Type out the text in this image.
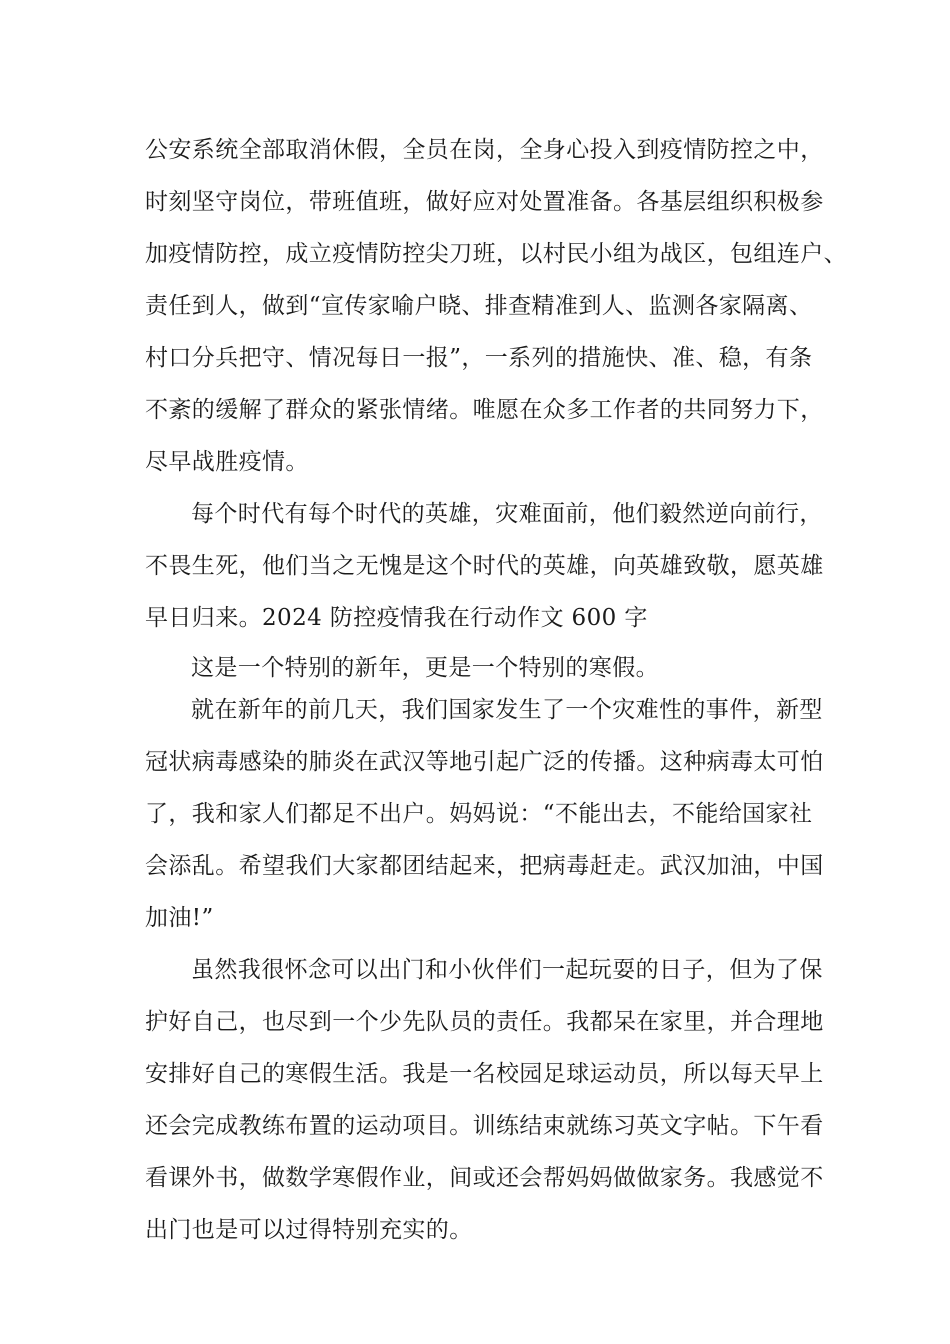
公安系统全部取消休假，全员在岗，全身心投入到疫情防控之中，
时刻坚守岗位，带班值班，做好应对处置准备。各基层组织积极参
加疫情防控，成立疫情防控尖刀班，以村民小组为战区，包组连户、
责任到人，做到“宣传家喻户晓、排查精准到人、监测各家隔离、
村口分兵把守、情况每日一报”，一系列的措施快、准、稳，有条
不紊的缓解了群众的紧张情绪。唯愿在众多工作者的共同努力下，
尽早战胜疫情。
每个时代有每个时代的英雄，灾难面前，他们毅然逆向前行，
不畏生死，他们当之无愧是这个时代的英雄，向英雄致敬，愿英雄
早日归来。2024 防控疫情我在行动作文 600 字
这是一个特别的新年，更是一个特别的寒假。
就在新年的前几天，我们国家发生了一个灾难性的事件，新型
冠状病毒感染的肺炎在武汉等地引起广泛的传播。这种病毒太可怕
了，我和家人们都足不出户。妈妈说：“不能出去，不能给国家社
会添乱。希望我们大家都团结起来，把病毒赶走。武汉加油，中国
加油!”
虽然我很怀念可以出门和小伙伴们一起玩耍的日子，但为了保
护好自己，也尽到一个少先队员的责任。我都呆在家里，并合理地
安排好自己的寒假生活。我是一名校园足球运动员，所以每天早上
还会完成教练布置的运动项目。训练结束就练习英文字帖。下午看
看课外书，做数学寒假作业，间或还会帮妈妈做做家务。我感觉不
出门也是可以过得特别充实的。
